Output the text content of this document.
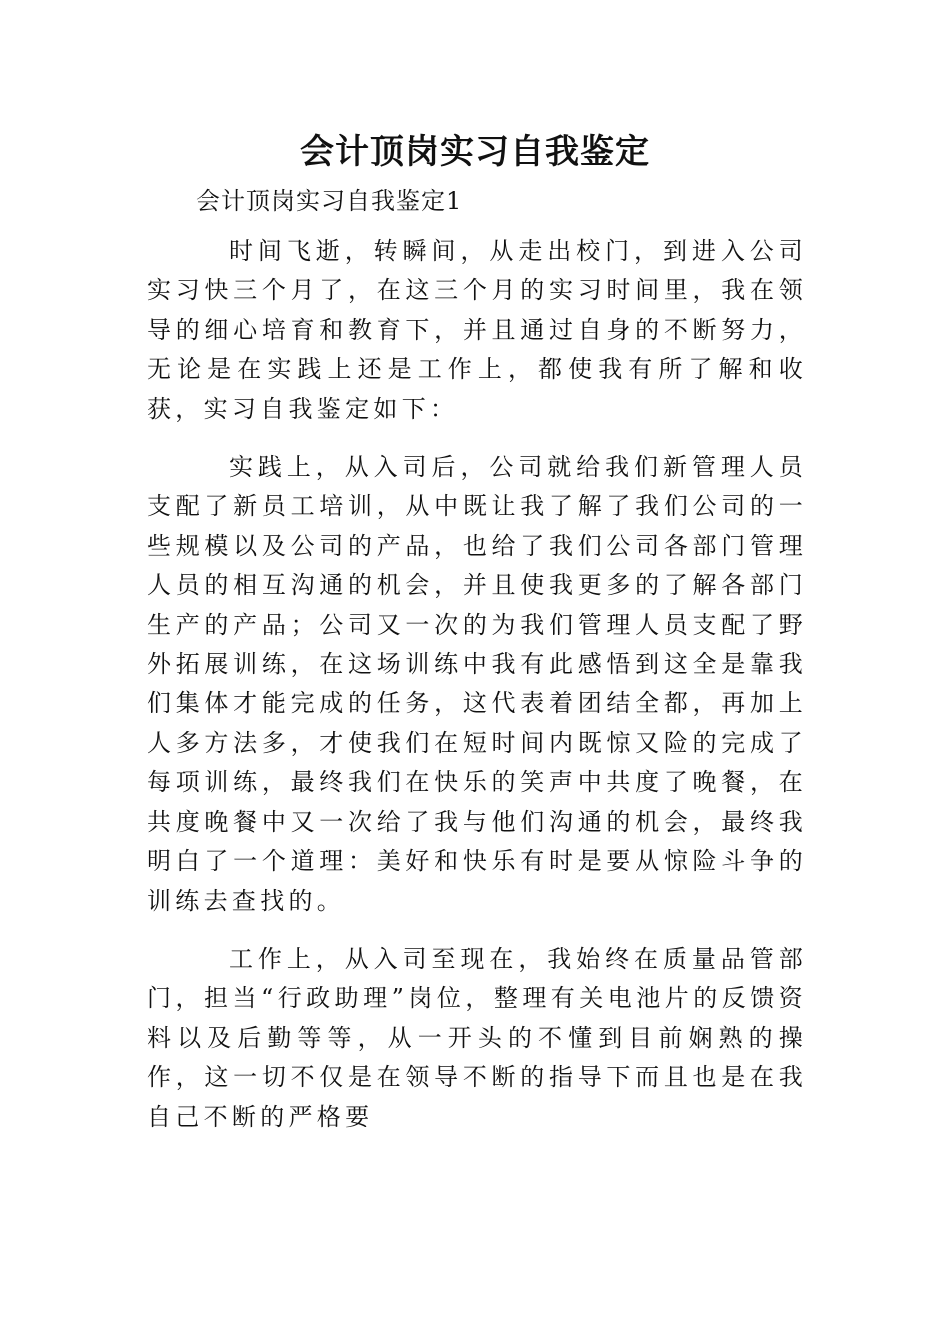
会计顶岗实习自我鉴定

会计顶岗实习自我鉴定1

时间飞逝，转瞬间，从走出校门，到进入公司实习快三个月了，在这三个月的实习时间里，我在领导的细心培育和教育下，并且通过自身的不断努力，无论是在实践上还是工作上，都使我有所了解和收获，实习自我鉴定如下：

实践上，从入司后，公司就给我们新管理人员支配了新员工培训，从中既让我了解了我们公司的一些规模以及公司的产品，也给了我们公司各部门管理人员的相互沟通的机会，并且使我更多的了解各部门生产的产品；公司又一次的为我们管理人员支配了野外拓展训练，在这场训练中我有此感悟到这全是靠我们集体才能完成的任务，这代表着团结全都，再加上人多方法多，才使我们在短时间内既惊又险的完成了每项训练，最终我们在快乐的笑声中共度了晚餐，在共度晚餐中又一次给了我与他们沟通的机会，最终我明白了一个道理：美好和快乐有时是要从惊险斗争的训练去查找的。

工作上，从入司至现在，我始终在质量品管部门，担当“行政助理”岗位，整理有关电池片的反馈资料以及后勤等等，从一开头的不懂到目前娴熟的操作，这一切不仅是在领导不断的指导下而且也是在我自己不断的严格要
